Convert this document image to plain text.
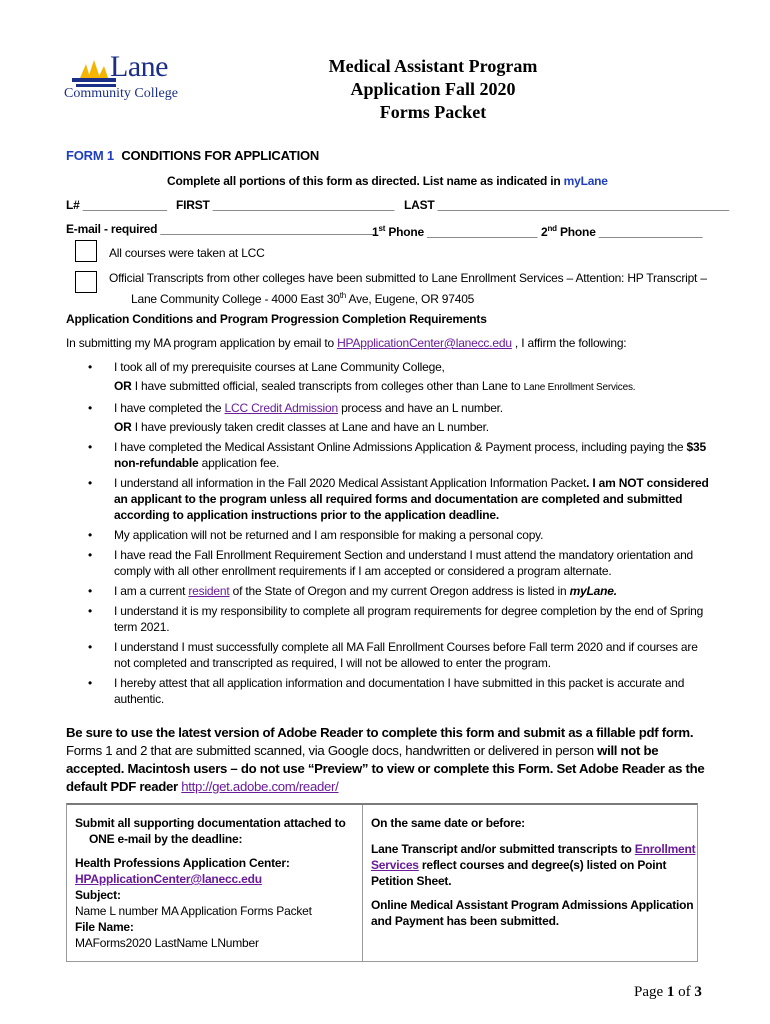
Lane
Community College
Medical Assistant Program
Application Fall 2020
Forms Packet
FORM 1 CONDITIONS FOR APPLICATION
Complete all portions of this form as directed. List name as indicated in myLane
L# _____________ FIRST ____________________________ LAST _____________________________________________
E-mail - required _________________________________
1st Phone _________________ 2nd Phone ________________
All courses were taken at LCC
Official Transcripts from other colleges have been submitted to Lane Enrollment Services – Attention: HP Transcript –
Lane Community College - 4000 East 30th Ave, Eugene, OR 97405
Application Conditions and Program Progression Completion Requirements
In submitting my MA program application by email to HPApplicationCenter@lanecc.edu , I affirm the following:
• I took all of my prerequisite courses at Lane Community College,
OR I have submitted official, sealed transcripts from colleges other than Lane to Lane Enrollment Services.
• I have completed the LCC Credit Admission process and have an L number.
OR I have previously taken credit classes at Lane and have an L number.
• I have completed the Medical Assistant Online Admissions Application & Payment process, including paying the $35
non-refundable application fee.
• I understand all information in the Fall 2020 Medical Assistant Application Information Packet. I am NOT considered
an applicant to the program unless all required forms and documentation are completed and submitted
according to application instructions prior to the application deadline.
• My application will not be returned and I am responsible for making a personal copy.
• I have read the Fall Enrollment Requirement Section and understand I must attend the mandatory orientation and
comply with all other enrollment requirements if I am accepted or considered a program alternate.
• I am a current resident of the State of Oregon and my current Oregon address is listed in myLane.
• I understand it is my responsibility to complete all program requirements for degree completion by the end of Spring
term 2021.
• I understand I must successfully complete all MA Fall Enrollment Courses before Fall term 2020 and if courses are
not completed and transcripted as required, I will not be allowed to enter the program.
• I hereby attest that all application information and documentation I have submitted in this packet is accurate and
authentic.
Be sure to use the latest version of Adobe Reader to complete this form and submit as a fillable pdf form.
Forms 1 and 2 that are submitted scanned, via Google docs, handwritten or delivered in person will not be
accepted. Macintosh users – do not use “Preview” to view or complete this Form. Set Adobe Reader as the
default PDF reader http://get.adobe.com/reader/
Submit all supporting documentation attached to
ONE e-mail by the deadline:
Health Professions Application Center:
HPApplicationCenter@lanecc.edu
Subject:
Name L number MA Application Forms Packet
File Name:
MAForms2020 LastName LNumber
On the same date or before:
Lane Transcript and/or submitted transcripts to Enrollment
Services reflect courses and degree(s) listed on Point
Petition Sheet.
Online Medical Assistant Program Admissions Application
and Payment has been submitted.
Page 1 of 3
